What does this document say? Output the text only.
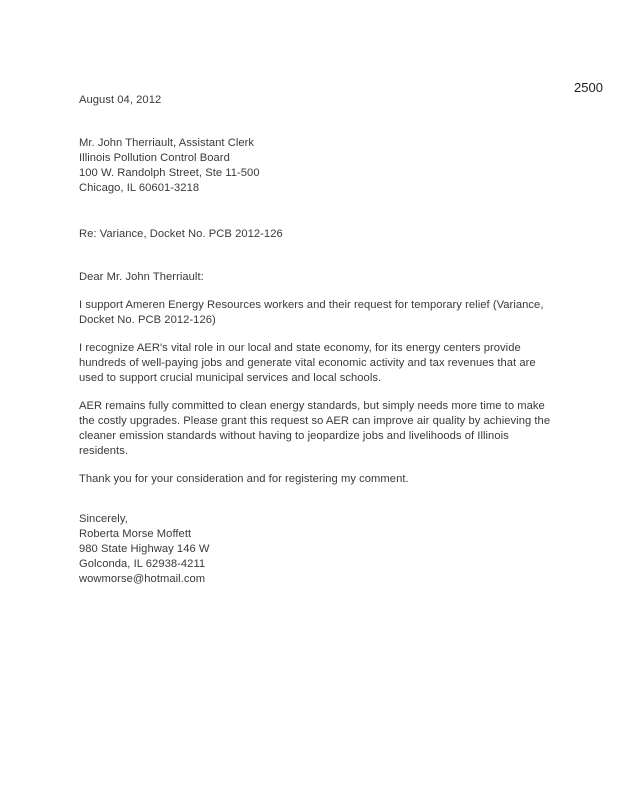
2500
August 04, 2012
Mr. John Therriault, Assistant Clerk
Illinois Pollution Control Board
100 W. Randolph Street, Ste 11-500
Chicago, IL 60601-3218
Re: Variance, Docket No. PCB 2012-126
Dear Mr. John Therriault:
I support Ameren Energy Resources workers and their request for temporary relief (Variance, Docket No. PCB 2012-126)
I recognize AER's vital role in our local and state economy, for its energy centers provide hundreds of well-paying jobs and generate vital economic activity and tax revenues that are used to support crucial municipal services and local schools.
AER remains fully committed to clean energy standards, but simply needs more time to make the costly upgrades. Please grant this request so AER can improve air quality by achieving the cleaner emission standards without having to jeopardize jobs and livelihoods of Illinois residents.
Thank you for your consideration and for registering my comment.
Sincerely,
Roberta Morse Moffett
980 State Highway 146 W
Golconda, IL 62938-4211
wowmorse@hotmail.com
